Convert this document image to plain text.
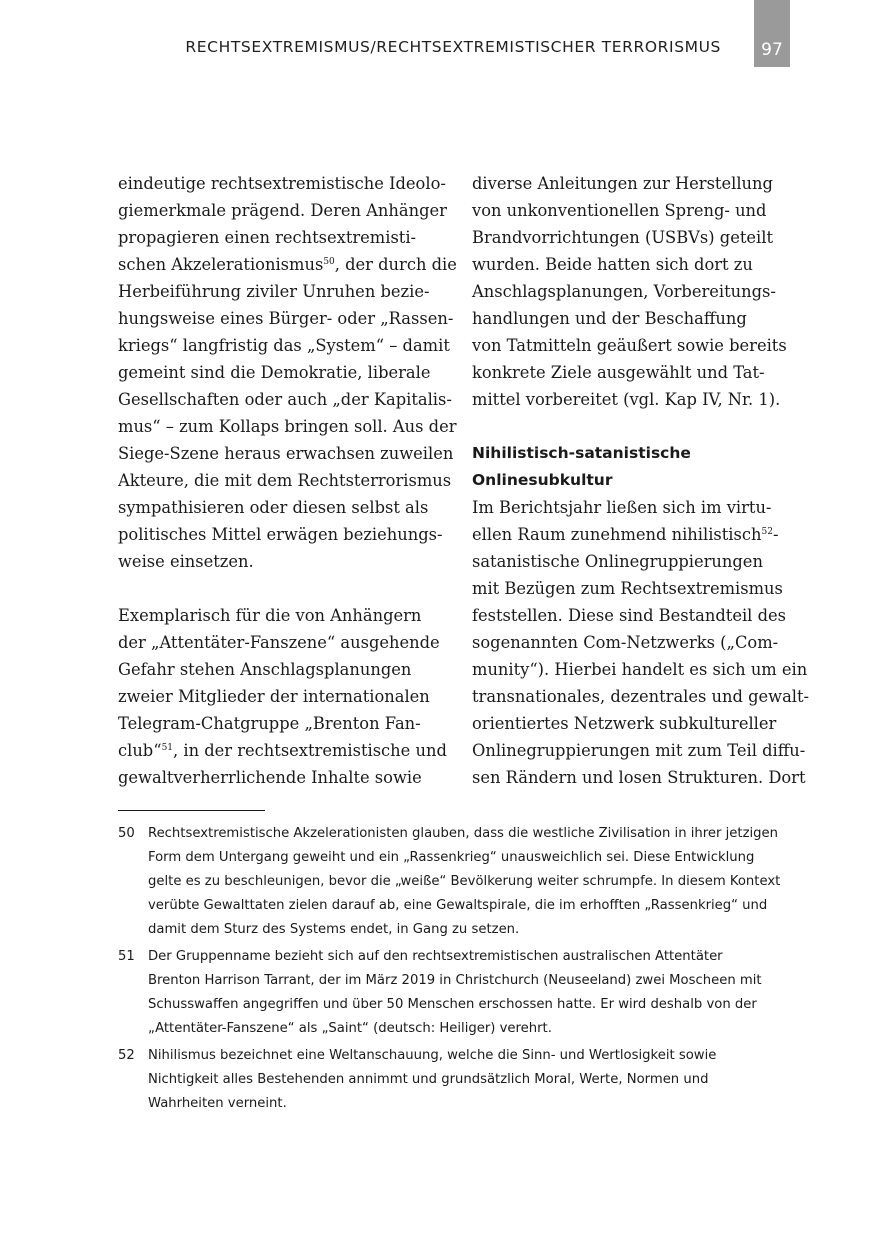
RECHTSEXTREMISMUS/RECHTSEXTREMISTISCHER TERRORISMUS	97
eindeutige rechtsextremistische Ideolo-
giemerkmale prägend. Deren Anhänger
propagieren einen rechtsextremisti-
schen Akzelerationismus$^{50}$, der durch die
Herbeiführung ziviler Unruhen bezie-
hungsweise eines Bürger- oder „Rassen-
kriegs“ langfristig das „System“ – damit
gemeint sind die Demokratie, liberale
Gesellschaften oder auch „der Kapitalis-
mus“ – zum Kollaps bringen soll. Aus der
Siege-Szene heraus erwachsen zuweilen
Akteure, die mit dem Rechtsterrorismus
sympathisieren oder diesen selbst als
politisches Mittel erwägen beziehungs-
weise einsetzen.
Exemplarisch für die von Anhängern
der „Attentäter-Fanszene“ ausgehende
Gefahr stehen Anschlagsplanungen
zweier Mitglieder der internationalen
Telegram-Chatgruppe „Brenton Fan-
club“$^{51}$, in der rechtsextremistische und
gewaltverherrlichende Inhalte sowie
diverse Anleitungen zur Herstellung
von unkonventionellen Spreng- und
Brandvorrichtungen (USBVs) geteilt
wurden. Beide hatten sich dort zu
Anschlagsplanungen, Vorbereitungs-
handlungen und der Beschaffung
von Tatmitteln geäußert sowie bereits
konkrete Ziele ausgewählt und Tat-
mittel vorbereitet (vgl. Kap IV, Nr. 1).
Nihilistisch-satanistische
Onlinesubkultur
Im Berichtsjahr ließen sich im virtu-
ellen Raum zunehmend nihilistisch$^{52}$-
satanistische Onlinegruppierungen
mit Bezügen zum Rechtsextremismus
feststellen. Diese sind Bestandteil des
sogenannten Com-Netzwerks („Com-
munity“). Hierbei handelt es sich um ein
transnationales, dezentrales und gewalt-
orientiertes Netzwerk subkultureller
Onlinegruppierungen mit zum Teil diffu-
sen Rändern und losen Strukturen. Dort
50 Rechtsextremistische Akzelerationisten glauben, dass die westliche Zivilisation in ihrer jetzigen
Form dem Untergang geweiht und ein „Rassenkrieg“ unausweichlich sei. Diese Entwicklung
gelte es zu beschleunigen, bevor die „weiße“ Bevölkerung weiter schrumpfe. In diesem Kontext
verübte Gewalttaten zielen darauf ab, eine Gewaltspirale, die im erhofften „Rassenkrieg“ und
damit dem Sturz des Systems endet, in Gang zu setzen.
51 Der Gruppenname bezieht sich auf den rechtsextremistischen australischen Attentäter
Brenton Harrison Tarrant, der im März 2019 in Christchurch (Neuseeland) zwei Moscheen mit
Schusswaffen angegriffen und über 50 Menschen erschossen hatte. Er wird deshalb von der
„Attentäter-Fanszene“ als „Saint“ (deutsch: Heiliger) verehrt.
52 Nihilismus bezeichnet eine Weltanschauung, welche die Sinn- und Wertlosigkeit sowie
Nichtigkeit alles Bestehenden annimmt und grundsätzlich Moral, Werte, Normen und
Wahrheiten verneint.
